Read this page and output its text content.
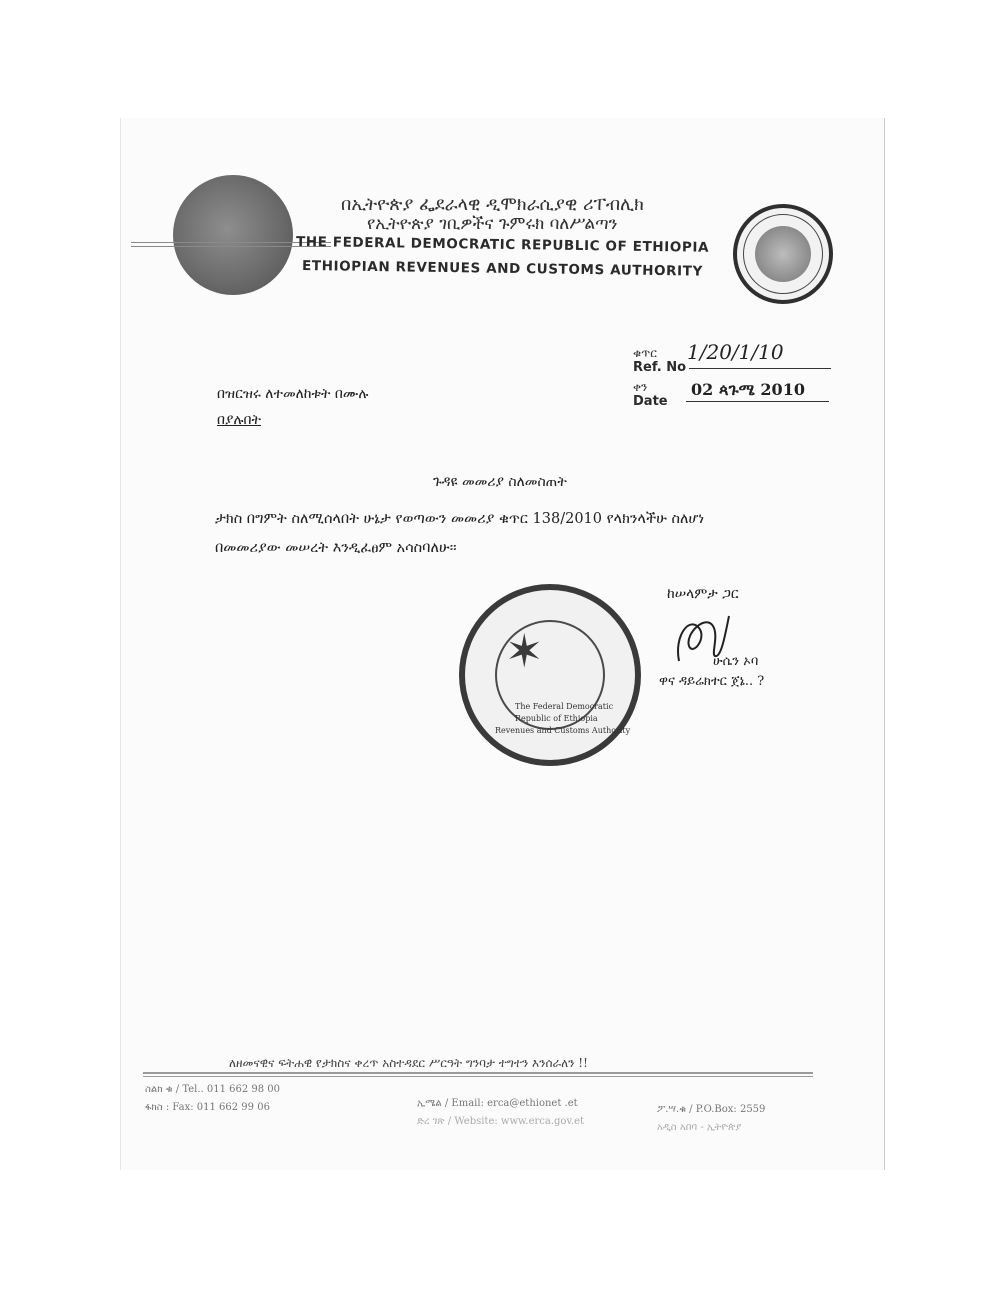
በኢትዮጵያ ፌደራላዊ ዲሞክራሲያዊ ሪፐብሊክ
የኢትዮጵያ ገቢዎችና ጉምሩክ ባለሥልጣን
THE FEDERAL DEMOCRATIC REPUBLIC OF ETHIOPIA
ETHIOPIAN REVENUES AND CUSTOMS AUTHORITY
ቁጥር
Ref. No
1/20/1/10
ቀን
Date
02 ጳጉሜ 2010
በዝርዝሩ ለተመለከቱት በሙሉ
በያሉበት
ጉዳዩ መመሪያ ስለመስጠት
ታክስ በግምት ስለሚሰላበት ሁኔታ የወጣውን መመሪያ ቁጥር 138/2010 የላክንላችሁ ስለሆነ
በመመሪያው መሠረት እንዲፈፀም አሳስባለሁ፡፡
ከሠላምታ ጋር
✶
The Federal Democratic
Republic of Ethiopia
Revenues and Customs Authority
ሁሴን ኦባ
ዋና ዳይሬክተር ጀኔ.. ?
ለዘመናዊና ፍትሐዊ የታክስና ቀረጥ አስተዳደር ሥርዓት ግንባታ ተግተን እንሰራለን !!
ስልክ ቁ / Tel.. 011 662 98 00
ፋክስ : Fax: 011 662 99 06	ኢሜል / Email: erca@ethionet .et
ድረ ገጽ / Website: www.erca.gov.et
ፖ.ሣ.ቁ / P.O.Box: 2559
አዲስ አበባ - ኢትዮጵያ
